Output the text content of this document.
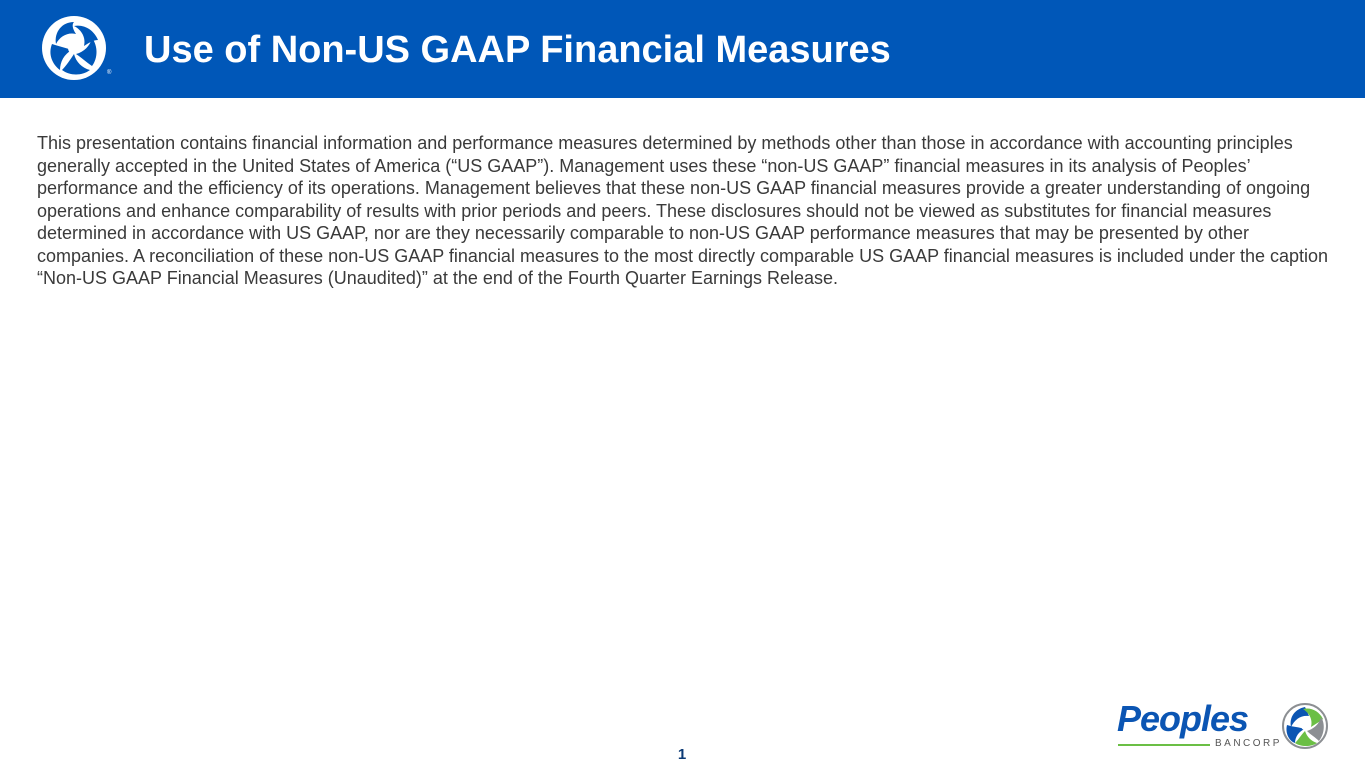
®
Use of Non-US GAAP Financial Measures

This presentation contains financial information and performance measures determined by methods other than those in accordance with accounting principles generally accepted in the United States of America (“US GAAP”). Management uses these “non-US GAAP” financial measures in its analysis of Peoples’ performance and the efficiency of its operations. Management believes that these non-US GAAP financial measures provide a greater understanding of ongoing operations and enhance comparability of results with prior periods and peers. These disclosures should not be viewed as substitutes for financial measures determined in accordance with US GAAP, nor are they necessarily comparable to non-US GAAP performance measures that may be presented by other companies. A reconciliation of these non-US GAAP financial measures to the most directly comparable US GAAP financial measures is included under the caption “Non-US GAAP Financial Measures (Unaudited)” at the end of the Fourth Quarter Earnings Release.

Peoples
BANCORP
1
